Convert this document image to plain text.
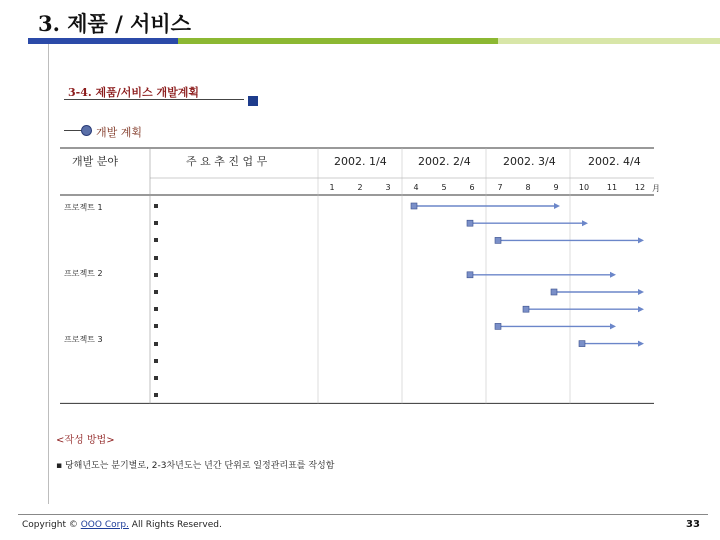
3. 제품 / 서비스
3-4. 제품/서비스 개발계획
개발 계획
개발 분야	주 요 추 진 업 무	2002. 1/4	2002. 2/4	2002. 3/4	2002. 4/4
1	2	3	4	5	6	7	8	9	10	11	12 月
프로젝트 1
프로젝트 2
프로젝트 3
<작성 방법>
▪ 당해년도는 분기별로, 2-3차년도는 년간 단위로 일정관리표를 작성함
Copyright © OOO Corp. All Rights Reserved.	33
